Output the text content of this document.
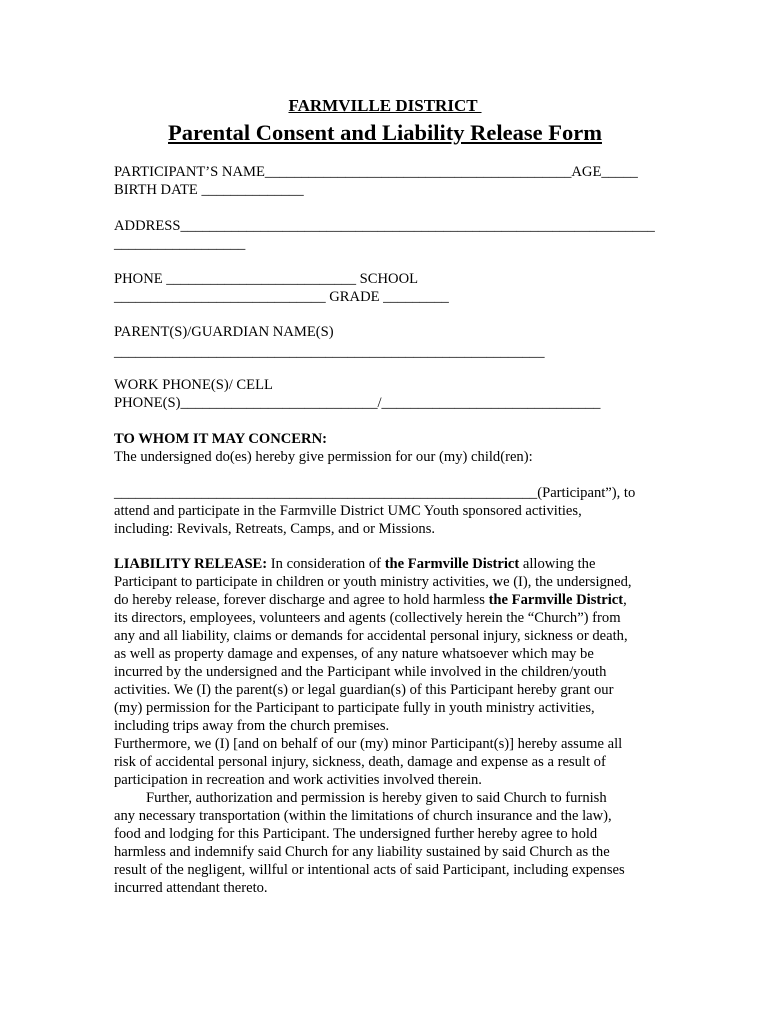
FARMVILLE DISTRICT
Parental Consent and Liability Release Form
PARTICIPANT’S NAME__________________________________________AGE_____
BIRTH DATE ______________
ADDRESS_________________________________________________________________
__________________
PHONE __________________________ SCHOOL
_____________________________ GRADE _________
PARENT(S)/GUARDIAN NAME(S)
___________________________________________________________
WORK PHONE(S)/ CELL
PHONE(S)___________________________/______________________________
TO WHOM IT MAY CONCERN:
The undersigned do(es) hereby give permission for our (my) child(ren):
__________________________________________________________(Participant”), to
attend and participate in the Farmville District UMC Youth sponsored activities,
including: Revivals, Retreats, Camps, and or Missions.

LIABILITY RELEASE: In consideration of the Farmville District allowing the

Participant to participate in children or youth ministry activities, we (I), the undersigned,

do hereby release, forever discharge and agree to hold harmless the Farmville District,

its directors, employees, volunteers and agents (collectively herein the “Church”) from

any and all liability, claims or demands for accidental personal injury, sickness or death,

as well as property damage and expenses, of any nature whatsoever which may be

incurred by the undersigned and the Participant while involved in the children/youth

activities. We (I) the parent(s) or legal guardian(s) of this Participant hereby grant our

(my) permission for the Participant to participate fully in youth ministry activities,

including trips away from the church premises.

Furthermore, we (I) [and on behalf of our (my) minor Participant(s)] hereby assume all

risk of accidental personal injury, sickness, death, damage and expense as a result of

participation in recreation and work activities involved therein.

Further, authorization and permission is hereby given to said Church to furnish

any necessary transportation (within the limitations of church insurance and the law),

food and lodging for this Participant. The undersigned further hereby agree to hold

harmless and indemnify said Church for any liability sustained by said Church as the

result of the negligent, willful or intentional acts of said Participant, including expenses

incurred attendant thereto.
